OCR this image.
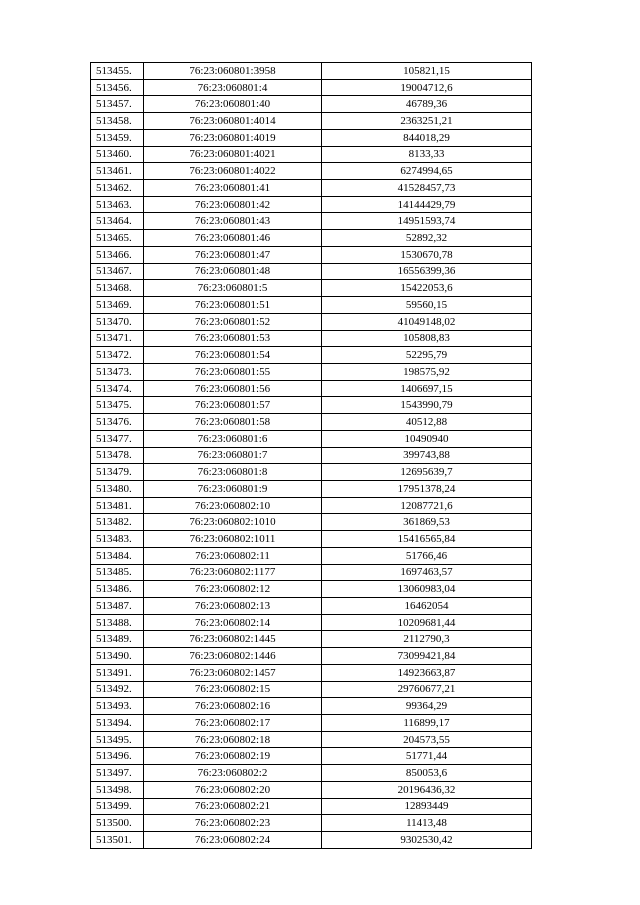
513455.	76:23:060801:3958	105821,15
513456.	76:23:060801:4	19004712,6
513457.	76:23:060801:40	46789,36
513458.	76:23:060801:4014	2363251,21
513459.	76:23:060801:4019	844018,29
513460.	76:23:060801:4021	8133,33
513461.	76:23:060801:4022	6274994,65
513462.	76:23:060801:41	41528457,73
513463.	76:23:060801:42	14144429,79
513464.	76:23:060801:43	14951593,74
513465.	76:23:060801:46	52892,32
513466.	76:23:060801:47	1530670,78
513467.	76:23:060801:48	16556399,36
513468.	76:23:060801:5	15422053,6
513469.	76:23:060801:51	59560,15
513470.	76:23:060801:52	41049148,02
513471.	76:23:060801:53	105808,83
513472.	76:23:060801:54	52295,79
513473.	76:23:060801:55	198575,92
513474.	76:23:060801:56	1406697,15
513475.	76:23:060801:57	1543990,79
513476.	76:23:060801:58	40512,88
513477.	76:23:060801:6	10490940
513478.	76:23:060801:7	399743,88
513479.	76:23:060801:8	12695639,7
513480.	76:23:060801:9	17951378,24
513481.	76:23:060802:10	12087721,6
513482.	76:23:060802:1010	361869,53
513483.	76:23:060802:1011	15416565,84
513484.	76:23:060802:11	51766,46
513485.	76:23:060802:1177	1697463,57
513486.	76:23:060802:12	13060983,04
513487.	76:23:060802:13	16462054
513488.	76:23:060802:14	10209681,44
513489.	76:23:060802:1445	2112790,3
513490.	76:23:060802:1446	73099421,84
513491.	76:23:060802:1457	14923663,87
513492.	76:23:060802:15	29760677,21
513493.	76:23:060802:16	99364,29
513494.	76:23:060802:17	116899,17
513495.	76:23:060802:18	204573,55
513496.	76:23:060802:19	51771,44
513497.	76:23:060802:2	850053,6
513498.	76:23:060802:20	20196436,32
513499.	76:23:060802:21	12893449
513500.	76:23:060802:23	11413,48
513501.	76:23:060802:24	9302530,42
